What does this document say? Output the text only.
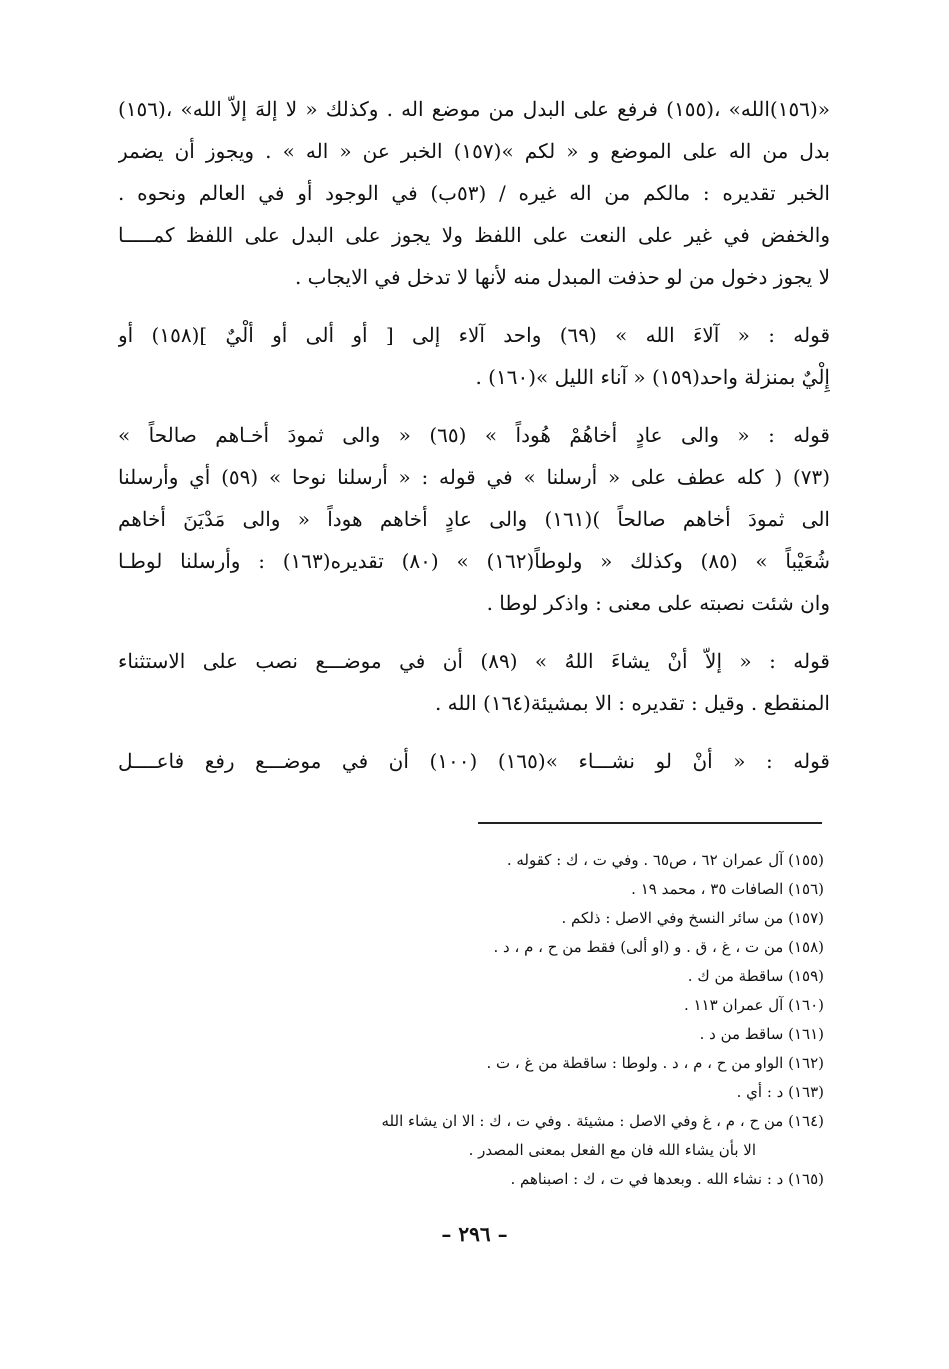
«(١٥٦)الله» ،(١٥٥) فرفع على البدل من موضع اله . وكذلك « لا إلهَ إلاّ الله» ،(١٥٦)
بدل من اله على الموضع و « لكم »(١٥٧) الخبر عن « اله » . ويجوز أن يضمر
الخبر تقديره : مالكم من اله غيره / (٥٣ب) في الوجود أو في العالم ونحوه .
والخفض في غير على النعت على اللفظ ولا يجوز على البدل على اللفظ كمـــــا
لا يجوز دخول من لو حذفت المبدل منه لأنها لا تدخل في الايجاب .
قوله : « آلاءَ الله » (٦٩) واحد آلاء إلى [ أو ألى أو ألْيٌ ](١٥٨) أو
إِلْيٌ بمنزلة واحد(١٥٩) « آناء الليل »(١٦٠) .
قوله : « والى عادٍ أخاهُمْ هُوداً » (٦٥) « والى ثمودَ أخـاهم صالحاً »
(٧٣) ( كله عطف على « أرسلنا » في قوله : « أرسلنا نوحا » (٥٩) أي وأرسلنا
الى ثمودَ أخاهم صالحاً )(١٦١) والى عادٍ أخاهم هوداً « والى مَدْيَنَ أخاهم
شُعَيْباً » (٨٥) وكذلك « ولوطاً(١٦٢) » (٨٠) تقديره(١٦٣) : وأرسلنا لوطـا
وان شئت نصبته على معنى : واذكر لوطا .
قوله : « إلاّ أنْ يشاءَ اللهُ » (٨٩) أن في موضـــع نصب على الاستثناء
المنقطع . وقيل : تقديره : الا بمشيئة(١٦٤) الله .
قوله : « أنْ لو نشـــاء »(١٦٥) (١٠٠) أن في موضـــع رفع فاعــــل
(١٥٥) آل عمران ٦٢ ، ص٦٥ . وفي ت ، ك : كقوله .
(١٥٦) الصافات ٣٥ ، محمد ١٩ .
(١٥٧) من سائر النسخ وفي الاصل : ذلكم .
(١٥٨) من ت ، غ ، ق . و (او ألى) فقط من ح ، م ، د .
(١٥٩) ساقطة من ك .
(١٦٠) آل عمران ١١٣ .
(١٦١) ساقط من د .
(١٦٢) الواو من ح ، م ، د . ولوطا : ساقطة من غ ، ت .
(١٦٣) د : أي .
(١٦٤) من ح ، م ، غ وفي الاصل : مشيئة . وفي ت ، ك : الا ان يشاء الله
الا بأن يشاء الله فان مع الفعل بمعنى المصدر .
(١٦٥) د : نشاء الله . وبعدها في ت ، ك : اصبناهم .
– ٢٩٦ –
